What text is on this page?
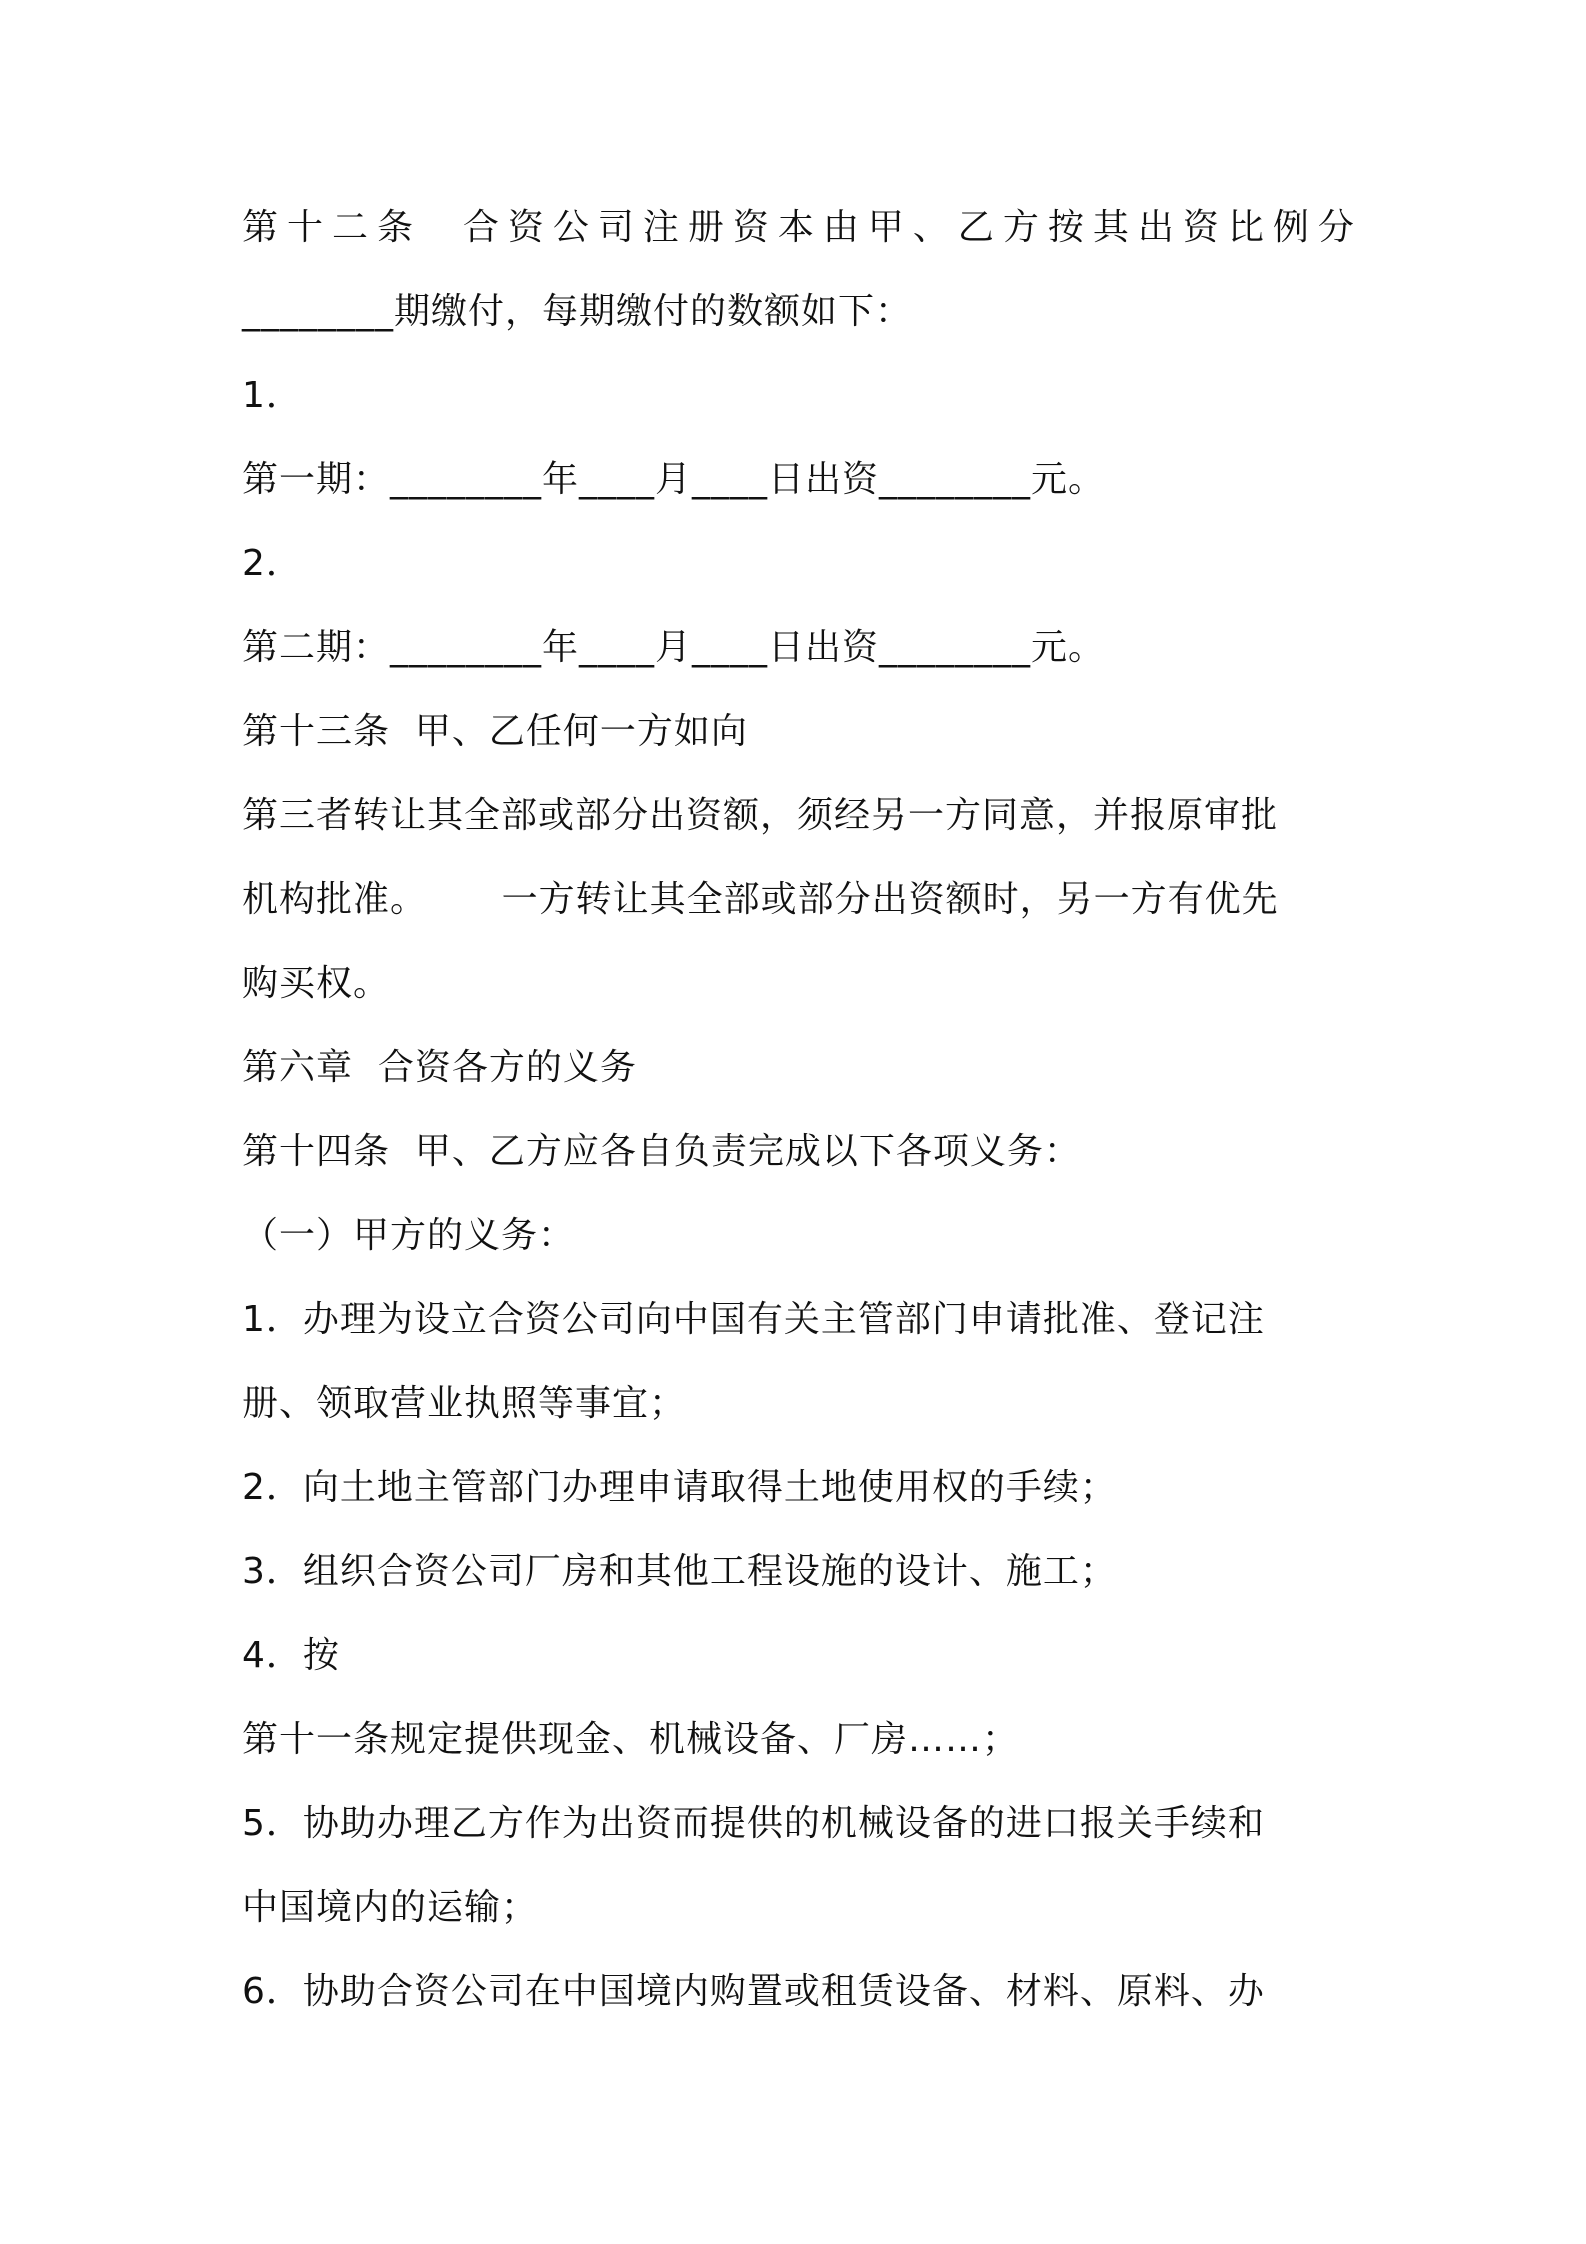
第十二条  合资公司注册资本由甲、乙方按其出资比例分
________期缴付，每期缴付的数额如下：
1．
第一期：________年____月____日出资________元。
2．
第二期：________年____月____日出资________元。
第十三条  甲、乙任何一方如向
第三者转让其全部或部分出资额，须经另一方同意，并报原审批
机构批准。      一方转让其全部或部分出资额时，另一方有优先
购买权。
第六章  合资各方的义务
第十四条  甲、乙方应各自负责完成以下各项义务：
（一）甲方的义务：
1．办理为设立合资公司向中国有关主管部门申请批准、登记注
册、领取营业执照等事宜；
2．向土地主管部门办理申请取得土地使用权的手续；
3．组织合资公司厂房和其他工程设施的设计、施工；
4．按
第十一条规定提供现金、机械设备、厂房……；
5．协助办理乙方作为出资而提供的机械设备的进口报关手续和
中国境内的运输；
6．协助合资公司在中国境内购置或租赁设备、材料、原料、办
